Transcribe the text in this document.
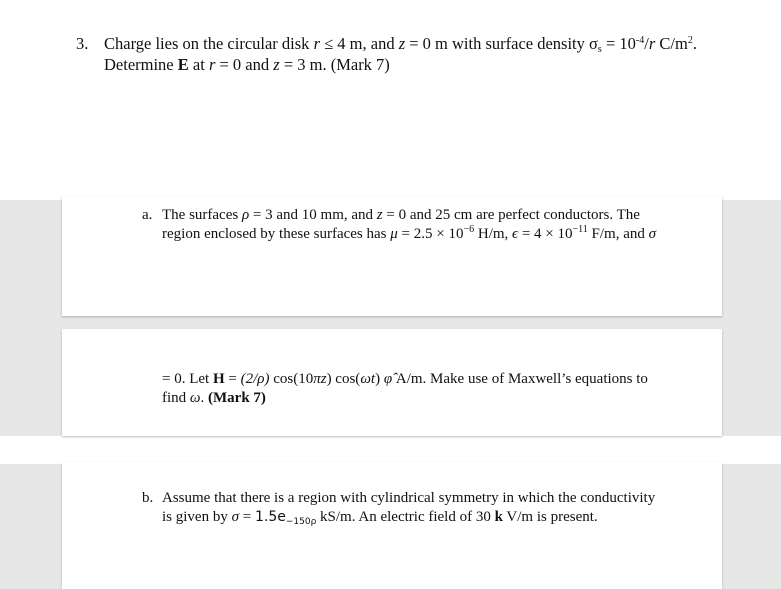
3. Charge lies on the circular disk r ≤ 4 m, and z = 0 m with surface density $\sigma_s = 10^{-4}/r$ $C/m^2$.
Determine E at r = 0 and z = 3 m. (Mark 7)
a. The surfaces ρ = 3 and 10 mm, and z = 0 and 25 cm are perfect conductors. The
region enclosed by these surfaces has $\mu = 2.5 \times 10^{-6}$ H/m, $\epsilon = 4 \times 10^{-11}$ F/m, and σ
= 0. Let H = (2/ρ) cos(10πz) cos(ωt) φ̂ A/m. Make use of Maxwell’s equations to
find ω. (Mark 7)
b. Assume that there is a region with cylindrical symmetry in which the conductivity
is given by $\sigma = 1.5e_{-150\rho}$ kS/m. An electric field of 30 k V/m is present.
